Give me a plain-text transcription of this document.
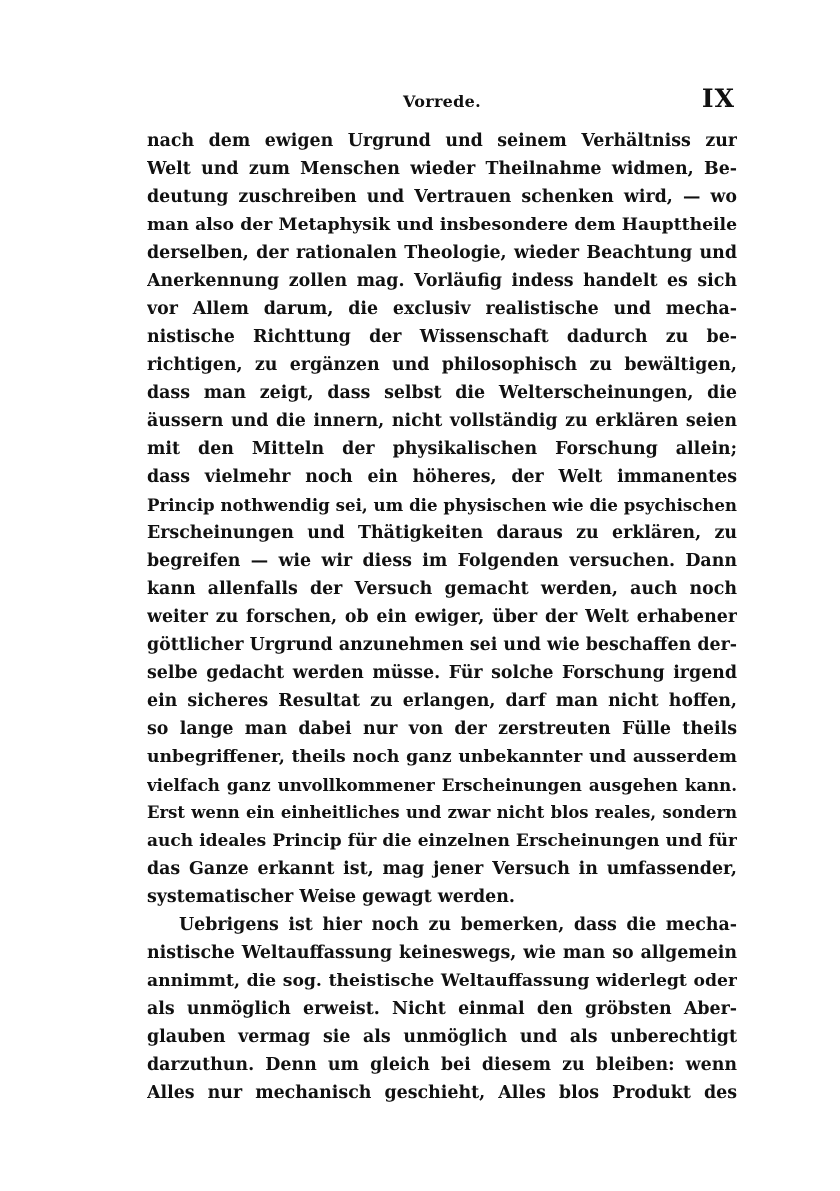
Vorrede.	IX
nach dem ewigen Urgrund und seinem Verhältniss zur
Welt und zum Menschen wieder Theilnahme widmen, Be-
deutung zuschreiben und Vertrauen schenken wird, — wo
man also der Metaphysik und insbesondere dem Haupttheile
derselben, der rationalen Theologie, wieder Beachtung und
Anerkennung zollen mag. Vorläufig indess handelt es sich
vor Allem darum, die exclusiv realistische und mecha-
nistische Richttung der Wissenschaft dadurch zu be-
richtigen, zu ergänzen und philosophisch zu bewältigen,
dass man zeigt, dass selbst die Welterscheinungen, die
äussern und die innern, nicht vollständig zu erklären seien
mit den Mitteln der physikalischen Forschung allein;
dass vielmehr noch ein höheres, der Welt immanentes
Princip nothwendig sei, um die physischen wie die psychischen
Erscheinungen und Thätigkeiten daraus zu erklären, zu
begreifen — wie wir diess im Folgenden versuchen. Dann
kann allenfalls der Versuch gemacht werden, auch noch
weiter zu forschen, ob ein ewiger, über der Welt erhabener
göttlicher Urgrund anzunehmen sei und wie beschaffen der-
selbe gedacht werden müsse. Für solche Forschung irgend
ein sicheres Resultat zu erlangen, darf man nicht hoffen,
so lange man dabei nur von der zerstreuten Fülle theils
unbegriffener, theils noch ganz unbekannter und ausserdem
vielfach ganz unvollkommener Erscheinungen ausgehen kann.
Erst wenn ein einheitliches und zwar nicht blos reales, sondern
auch ideales Princip für die einzelnen Erscheinungen und für
das Ganze erkannt ist, mag jener Versuch in umfassender,
systematischer Weise gewagt werden.
Uebrigens ist hier noch zu bemerken, dass die mecha-
nistische Weltauffassung keineswegs, wie man so allgemein
annimmt, die sog. theistische Weltauffassung widerlegt oder
als unmöglich erweist. Nicht einmal den gröbsten Aber-
glauben vermag sie als unmöglich und als unberechtigt
darzuthun. Denn um gleich bei diesem zu bleiben: wenn
Alles nur mechanisch geschieht, Alles blos Produkt des
